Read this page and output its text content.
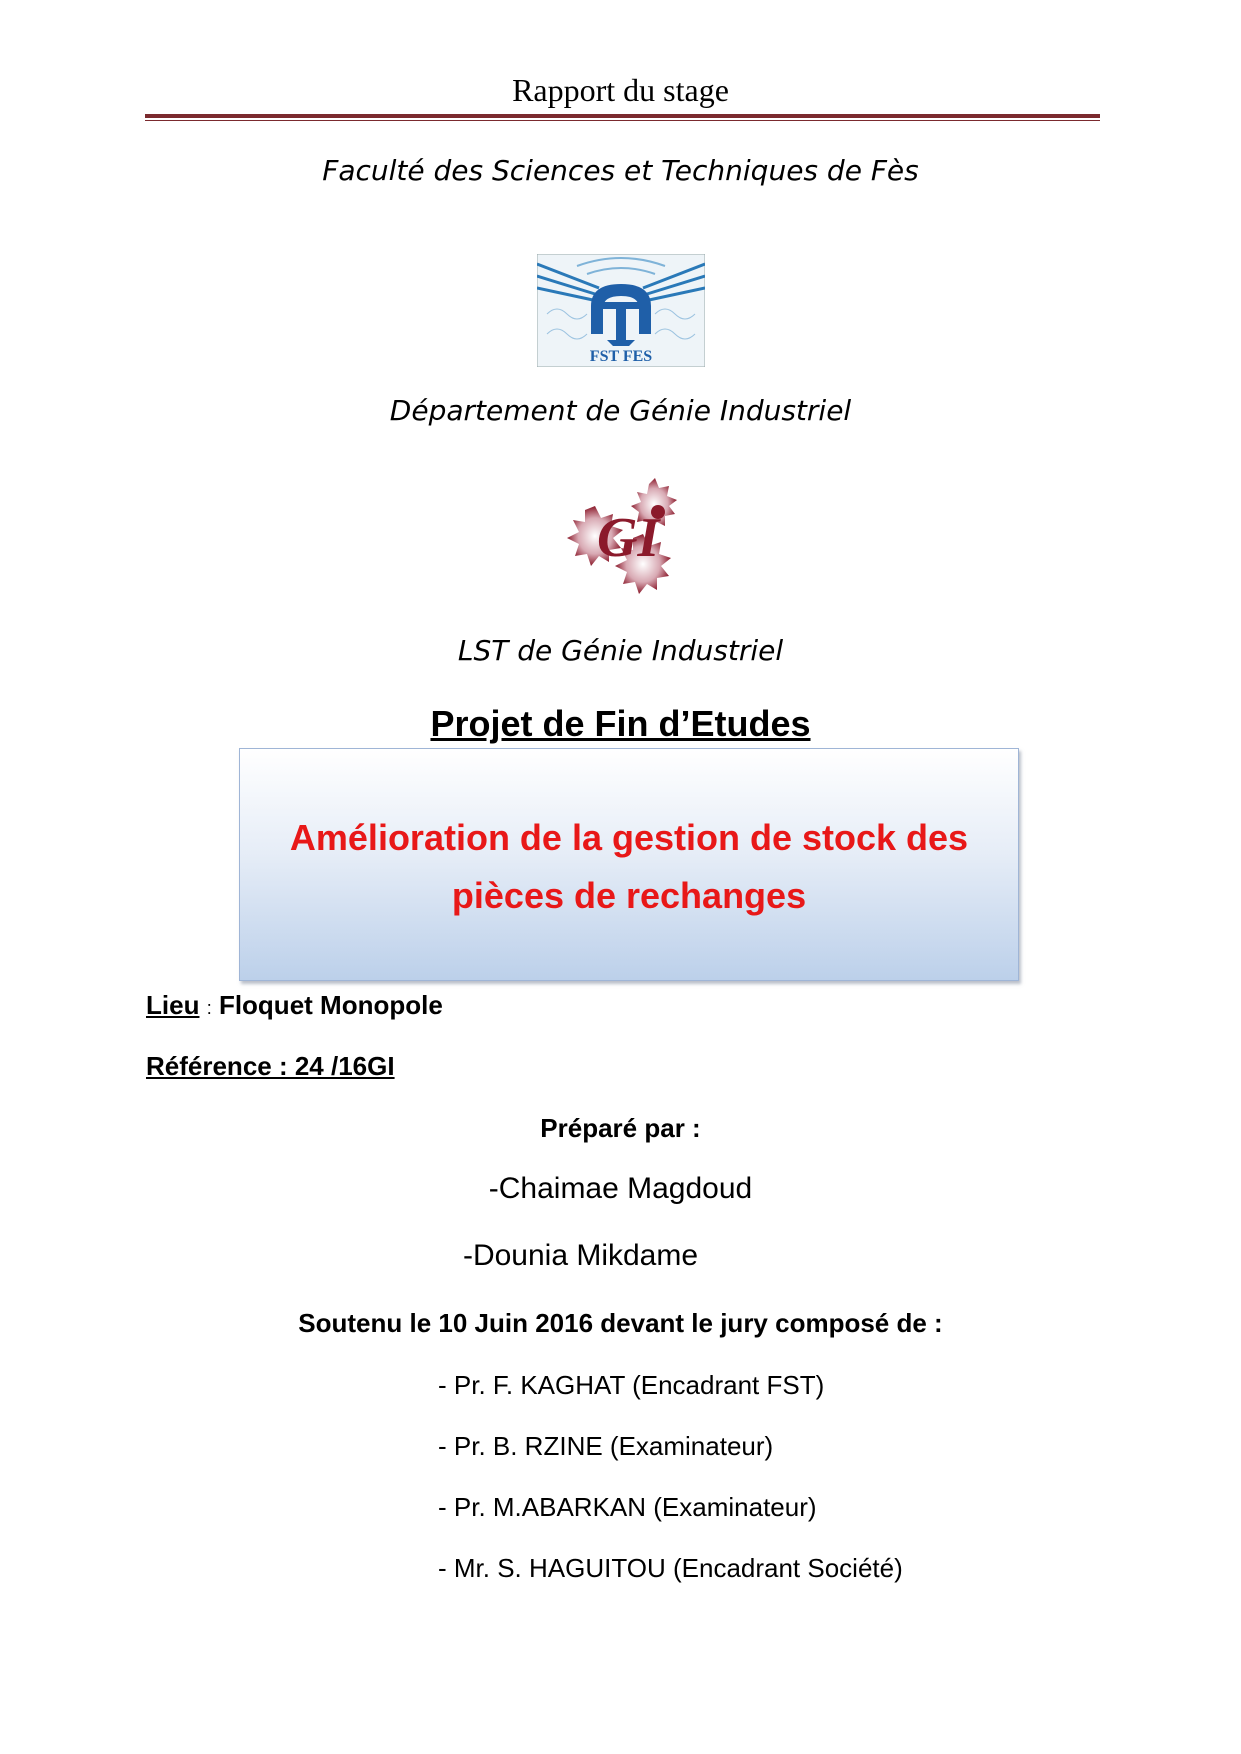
Rapport du stage
Faculté des Sciences et Techniques de Fès
FST FES
Département de Génie Industriel
GI
LST de Génie Industriel
Projet de Fin d’Etudes
Amélioration de la gestion de stock des
pièces de rechanges
Lieu : Floquet Monopole
Référence : 24 /16GI
Préparé par :
-Chaimae Magdoud
-Dounia Mikdame
Soutenu le 10 Juin 2016 devant le jury composé de :
- Pr. F. KAGHAT (Encadrant FST)
- Pr. B. RZINE (Examinateur)
- Pr. M.ABARKAN (Examinateur)
- Mr. S. HAGUITOU (Encadrant Société)
